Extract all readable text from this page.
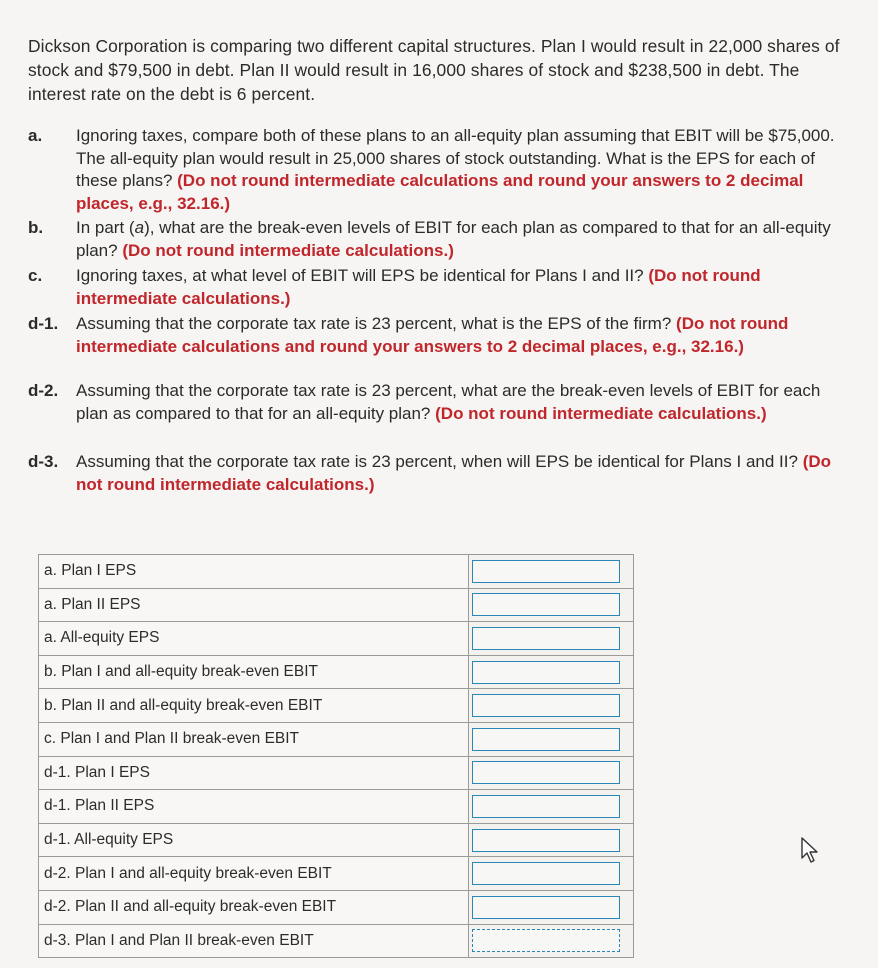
Dickson Corporation is comparing two different capital structures. Plan I would result in 22,000 shares of stock and $79,500 in debt. Plan II would result in 16,000 shares of stock and $238,500 in debt. The interest rate on the debt is 6 percent.
a. Ignoring taxes, compare both of these plans to an all-equity plan assuming that EBIT will be $75,000. The all-equity plan would result in 25,000 shares of stock outstanding. What is the EPS for each of these plans? (Do not round intermediate calculations and round your answers to 2 decimal places, e.g., 32.16.)
b. In part (a), what are the break-even levels of EBIT for each plan as compared to that for an all-equity plan? (Do not round intermediate calculations.)
c. Ignoring taxes, at what level of EBIT will EPS be identical for Plans I and II? (Do not round intermediate calculations.)
d-1. Assuming that the corporate tax rate is 23 percent, what is the EPS of the firm? (Do not round intermediate calculations and round your answers to 2 decimal places, e.g., 32.16.)
d-2. Assuming that the corporate tax rate is 23 percent, what are the break-even levels of EBIT for each plan as compared to that for an all-equity plan? (Do not round intermediate calculations.)
d-3. Assuming that the corporate tax rate is 23 percent, when will EPS be identical for Plans I and II? (Do not round intermediate calculations.)
a. Plan I EPS	

a. Plan II EPS	

a. All-equity EPS	

b. Plan I and all-equity break-even EBIT	

b. Plan II and all-equity break-even EBIT	

c. Plan I and Plan II break-even EBIT	

d-1. Plan I EPS	

d-1. Plan II EPS	

d-1. All-equity EPS	

d-2. Plan I and all-equity break-even EBIT	

d-2. Plan II and all-equity break-even EBIT	

d-3. Plan I and Plan II break-even EBIT	
